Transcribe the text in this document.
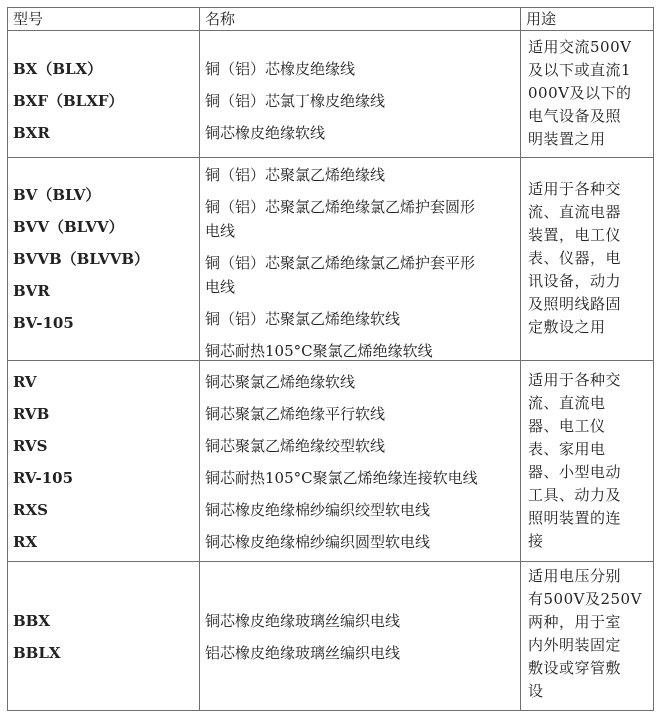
型号	名称	用途
BX（BLX）
BXF（BLXF）
BXR
铜（铝）芯橡皮绝缘线
铜（铝）芯氯丁橡皮绝缘线
铜芯橡皮绝缘软线
适用交流500V
及以下或直流1
000V及以下的
电气设备及照
明装置之用
BV（BLV）
BVV（BLVV）
BVVB（BLVVB）
BVR
BV-105
铜（铝）芯聚氯乙烯绝缘线
铜（铝）芯聚氯乙烯绝缘氯乙烯护套圆形
电线
铜（铝）芯聚氯乙烯绝缘氯乙烯护套平形
电线
铜（铝）芯聚氯乙烯绝缘软线
铜芯耐热105°C聚氯乙烯绝缘软线
适用于各种交
流、直流电器
装置，电工仪
表、仪器，电
讯设备，动力
及照明线路固
定敷设之用
RV
RVB
RVS
RV-105
RXS
RX
铜芯聚氯乙烯绝缘软线
铜芯聚氯乙烯绝缘平行软线
铜芯聚氯乙烯绝缘绞型软线
铜芯耐热105°C聚氯乙烯绝缘连接软电线
铜芯橡皮绝缘棉纱编织绞型软电线
铜芯橡皮绝缘棉纱编织圆型软电线
适用于各种交
流、直流电
器、电工仪
表、家用电
器、小型电动
工具、动力及
照明装置的连
接
BBX
BBLX
铜芯橡皮绝缘玻璃丝编织电线
铝芯橡皮绝缘玻璃丝编织电线
适用电压分别
有500V及250V
两种，用于室
内外明装固定
敷设或穿管敷
设
